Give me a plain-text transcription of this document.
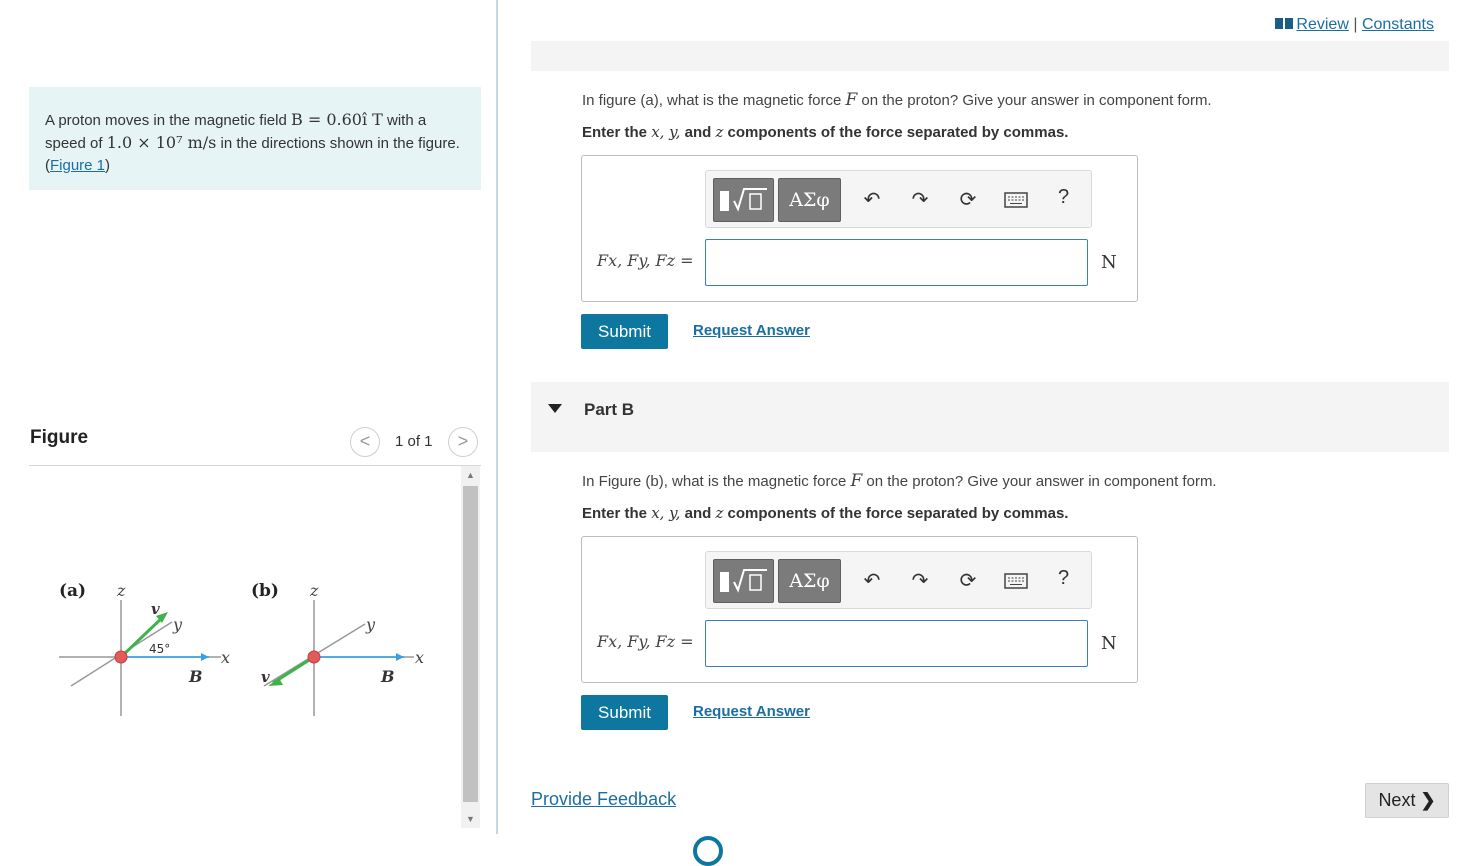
A proton moves in the magnetic field B = 0.60î T with a speed of 1.0 × 10⁷ m/s in the directions shown in the figure. (Figure 1)
Figure	<	1 of 1	>
▲
▼
(a) z
x
y
v
45°
B
(b) z
y
x
v	B
Review | Constants
In figure (a), what is the magnetic force F on the proton? Give your answer in component form.
Enter the x, y, and z components of the force separated by commas.
ΑΣφ	↶ ↷ ⟳	?
Fx, Fy, Fz =	N
Submit	Request Answer
Part B
In Figure (b), what is the magnetic force F on the proton? Give your answer in component form.
Enter the x, y, and z components of the force separated by commas.
ΑΣφ	↶ ↷ ⟳	?
Fx, Fy, Fz =	N
Submit	Request Answer
Provide Feedback	Next ❯
